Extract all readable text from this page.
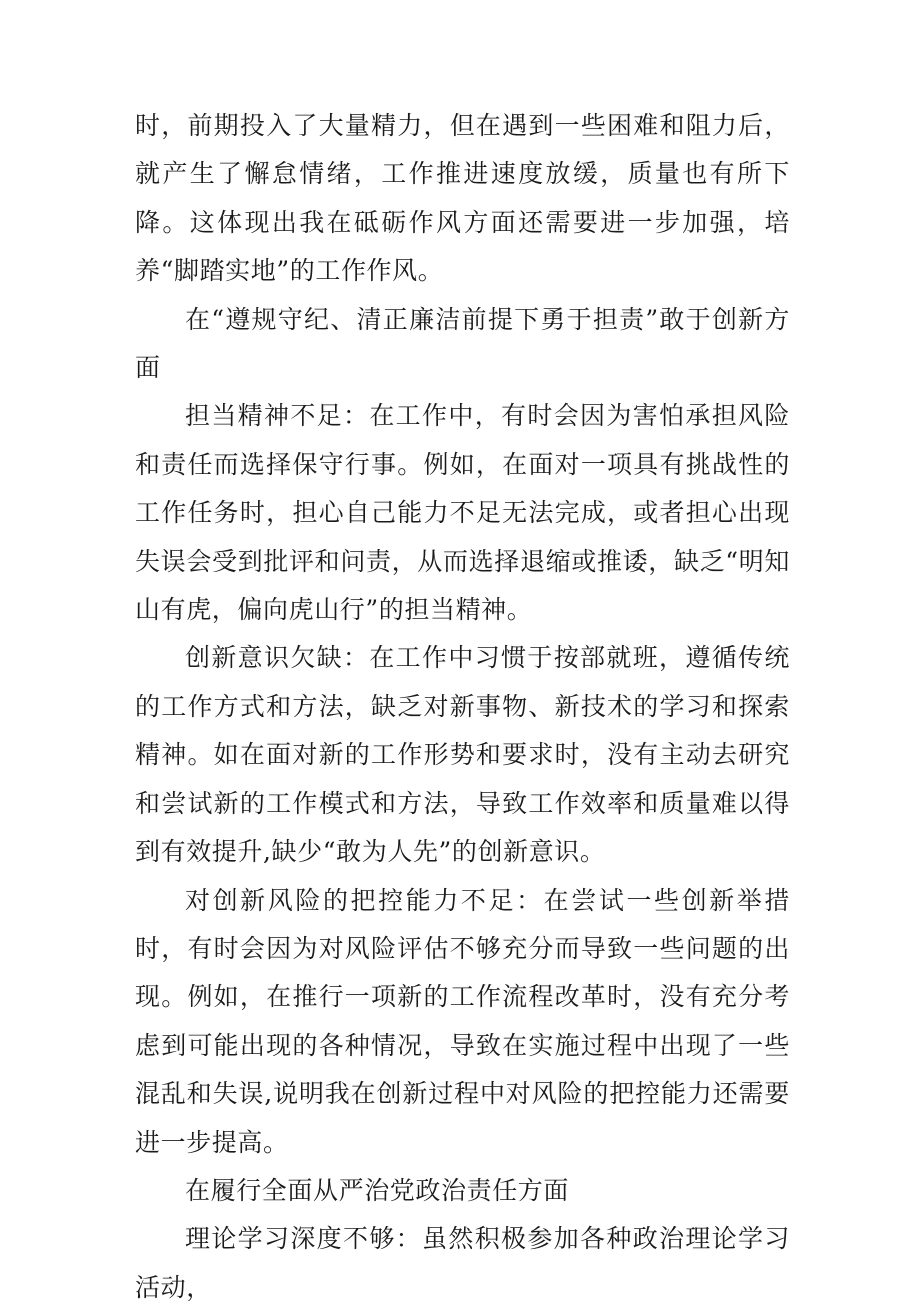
时，前期投入了大量精力，但在遇到一些困难和阻力后，就产生了懈怠情绪，工作推进速度放缓，质量也有所下降。这体现出我在砥砺作风方面还需要进一步加强，培养“脚踏实地”的工作作风。

在“遵规守纪、清正廉洁前提下勇于担责”敢于创新方面

担当精神不足：在工作中，有时会因为害怕承担风险和责任而选择保守行事。例如，在面对一项具有挑战性的工作任务时，担心自己能力不足无法完成，或者担心出现失误会受到批评和问责，从而选择退缩或推诿，缺乏“明知山有虎，偏向虎山行”的担当精神。

创新意识欠缺：在工作中习惯于按部就班，遵循传统的工作方式和方法，缺乏对新事物、新技术的学习和探索精神。如在面对新的工作形势和要求时，没有主动去研究和尝试新的工作模式和方法，导致工作效率和质量难以得到有效提升,缺少“敢为人先”的创新意识。

对创新风险的把控能力不足：在尝试一些创新举措时，有时会因为对风险评估不够充分而导致一些问题的出现。例如，在推行一项新的工作流程改革时，没有充分考虑到可能出现的各种情况，导致在实施过程中出现了一些混乱和失误,说明我在创新过程中对风险的把控能力还需要进一步提高。

在履行全面从严治党政治责任方面

理论学习深度不够：虽然积极参加各种政治理论学习活动，
